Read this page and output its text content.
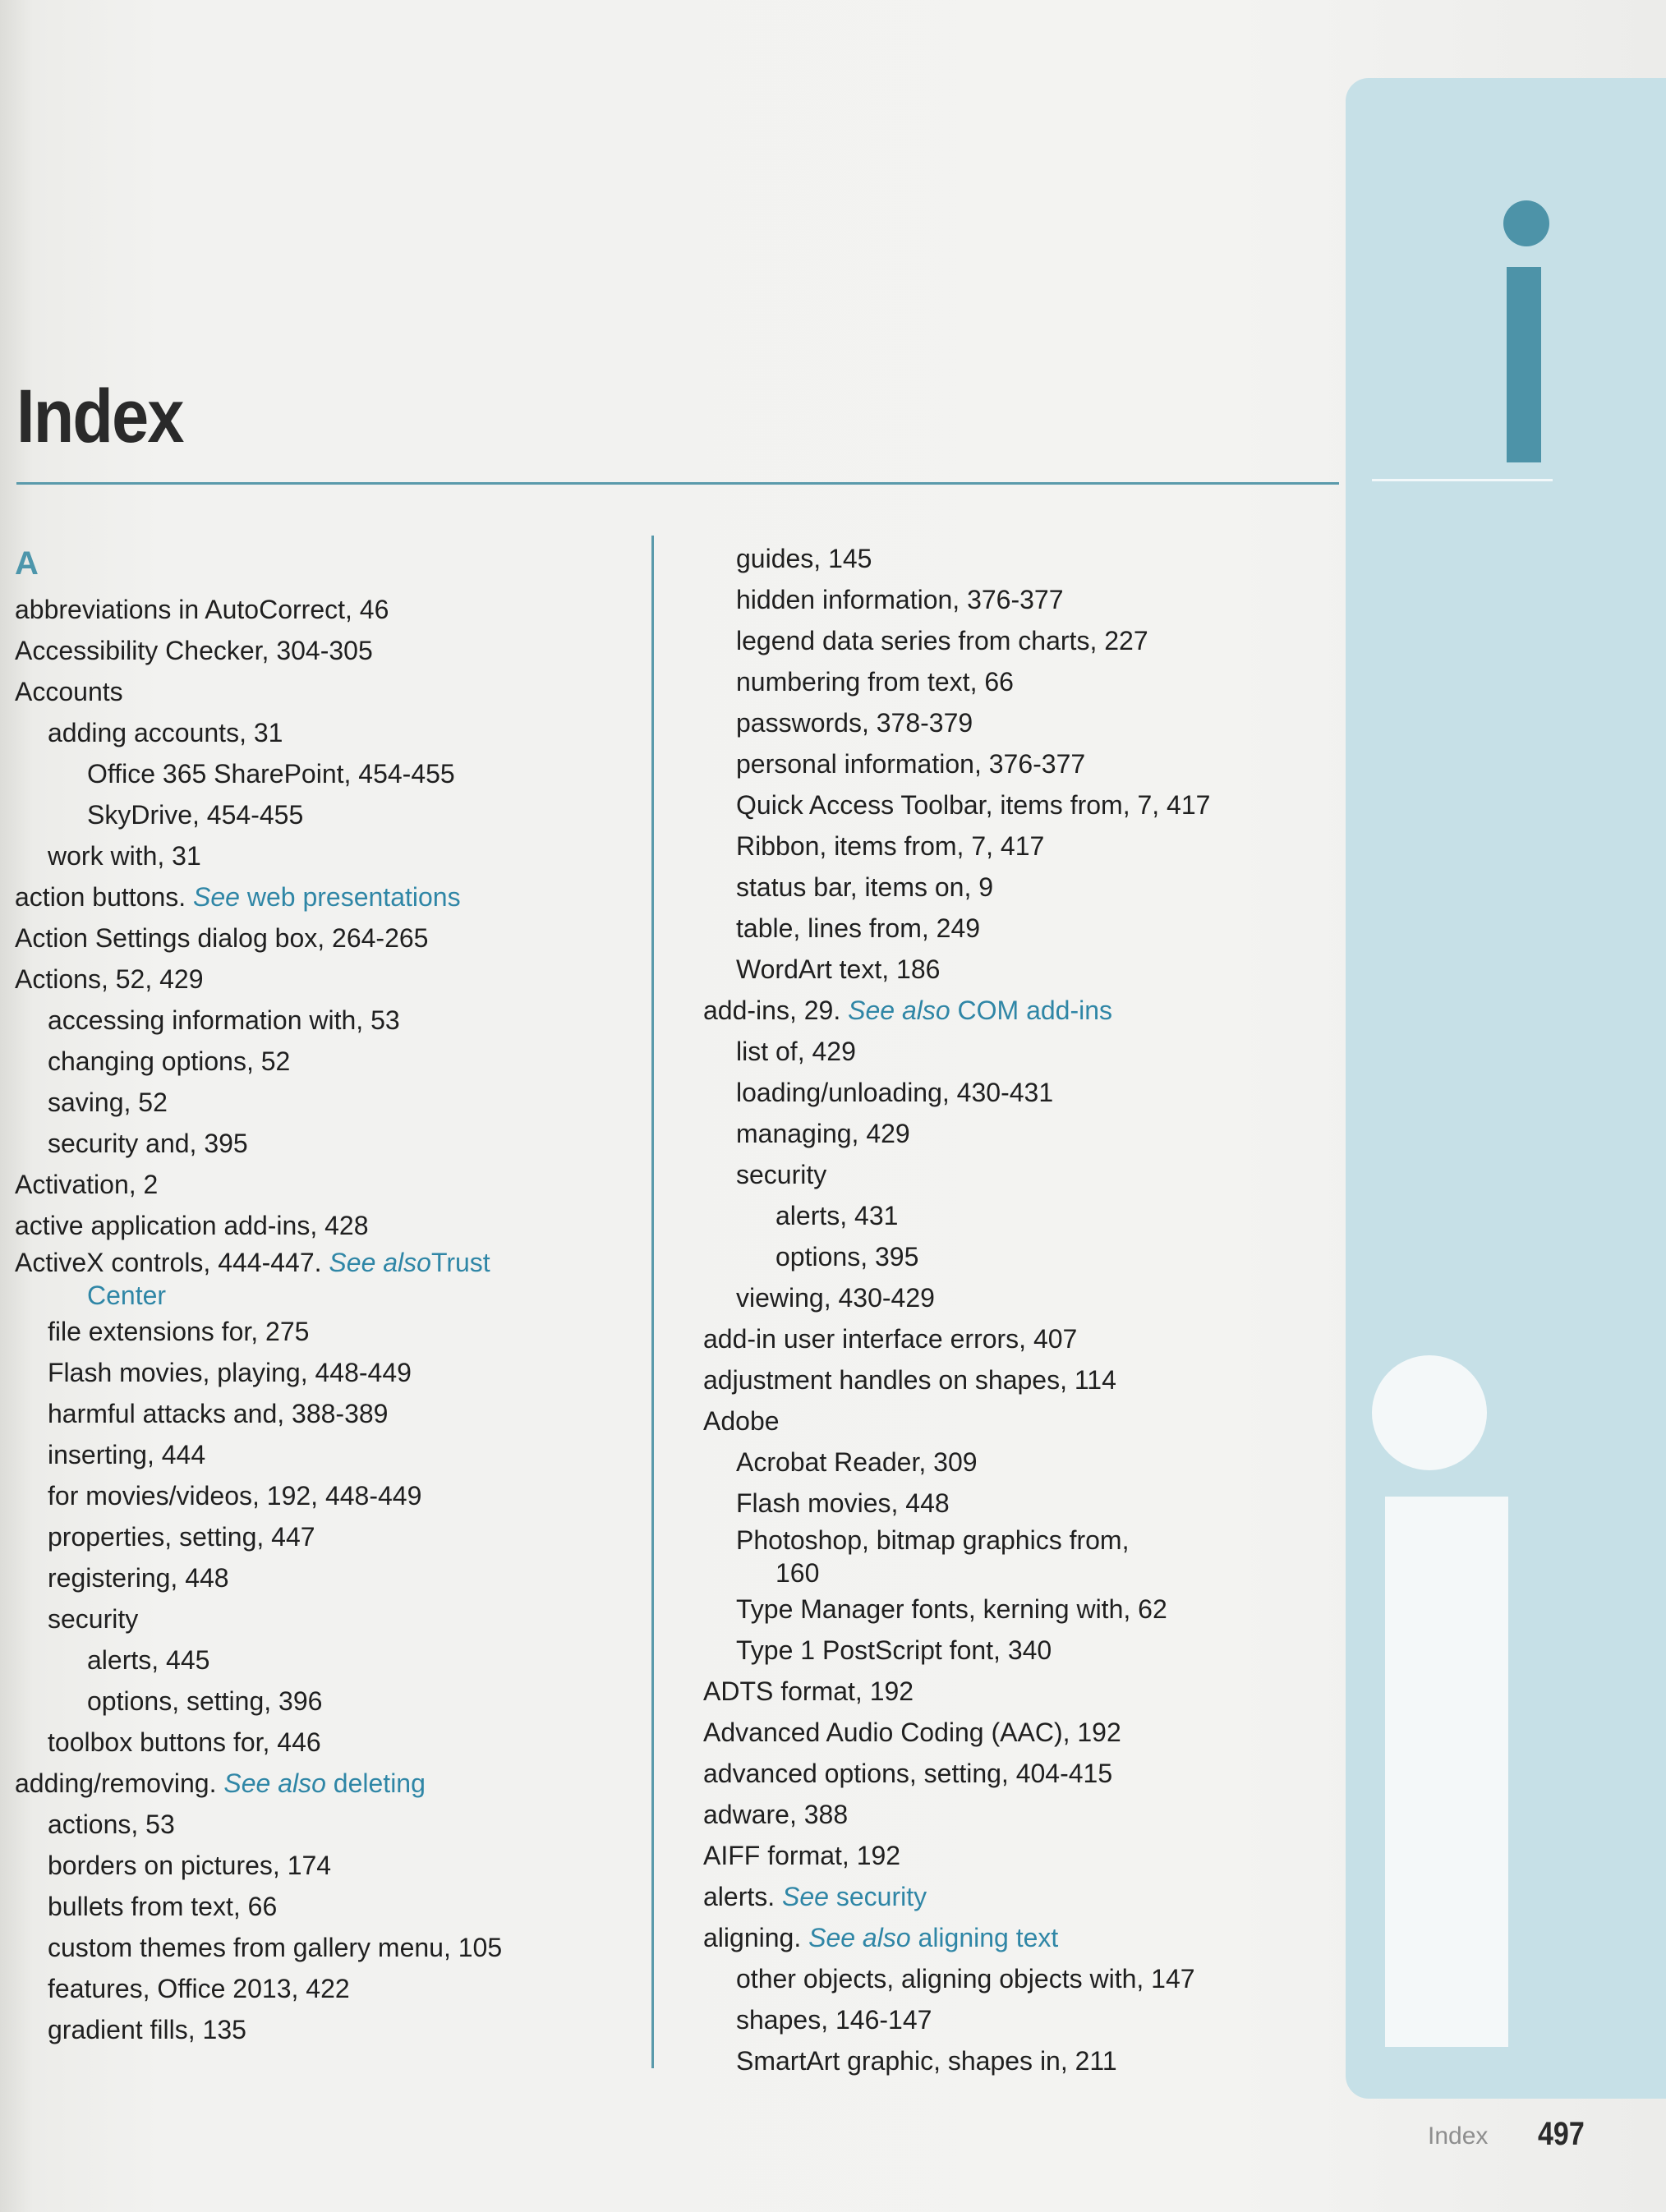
Index
A
abbreviations in AutoCorrect, 46
Accessibility Checker, 304-305
Accounts
adding accounts, 31
Office 365 SharePoint, 454-455
SkyDrive, 454-455
work with, 31
action buttons. See web presentations
Action Settings dialog box, 264-265
Actions, 52, 429
accessing information with, 53
changing options, 52
saving, 52
security and, 395
Activation, 2
active application add-ins, 428
ActiveX controls, 444-447. See alsoTrust
Center
file extensions for, 275
Flash movies, playing, 448-449
harmful attacks and, 388-389
inserting, 444
for movies/videos, 192, 448-449
properties, setting, 447
registering, 448
security
alerts, 445
options, setting, 396
toolbox buttons for, 446
adding/removing. See also deleting
actions, 53
borders on pictures, 174
bullets from text, 66
custom themes from gallery menu, 105
features, Office 2013, 422
gradient fills, 135
guides, 145
hidden information, 376-377
legend data series from charts, 227
numbering from text, 66
passwords, 378-379
personal information, 376-377
Quick Access Toolbar, items from, 7, 417
Ribbon, items from, 7, 417
status bar, items on, 9
table, lines from, 249
WordArt text, 186
add-ins, 29. See also COM add-ins
list of, 429
loading/unloading, 430-431
managing, 429
security
alerts, 431
options, 395
viewing, 430-429
add-in user interface errors, 407
adjustment handles on shapes, 114
Adobe
Acrobat Reader, 309
Flash movies, 448
Photoshop, bitmap graphics from,
160
Type Manager fonts, kerning with, 62
Type 1 PostScript font, 340
ADTS format, 192
Advanced Audio Coding (AAC), 192
advanced options, setting, 404-415
adware, 388
AIFF format, 192
alerts. See security
aligning. See also aligning text
other objects, aligning objects with, 147
shapes, 146-147
SmartArt graphic, shapes in, 211
Index 497
